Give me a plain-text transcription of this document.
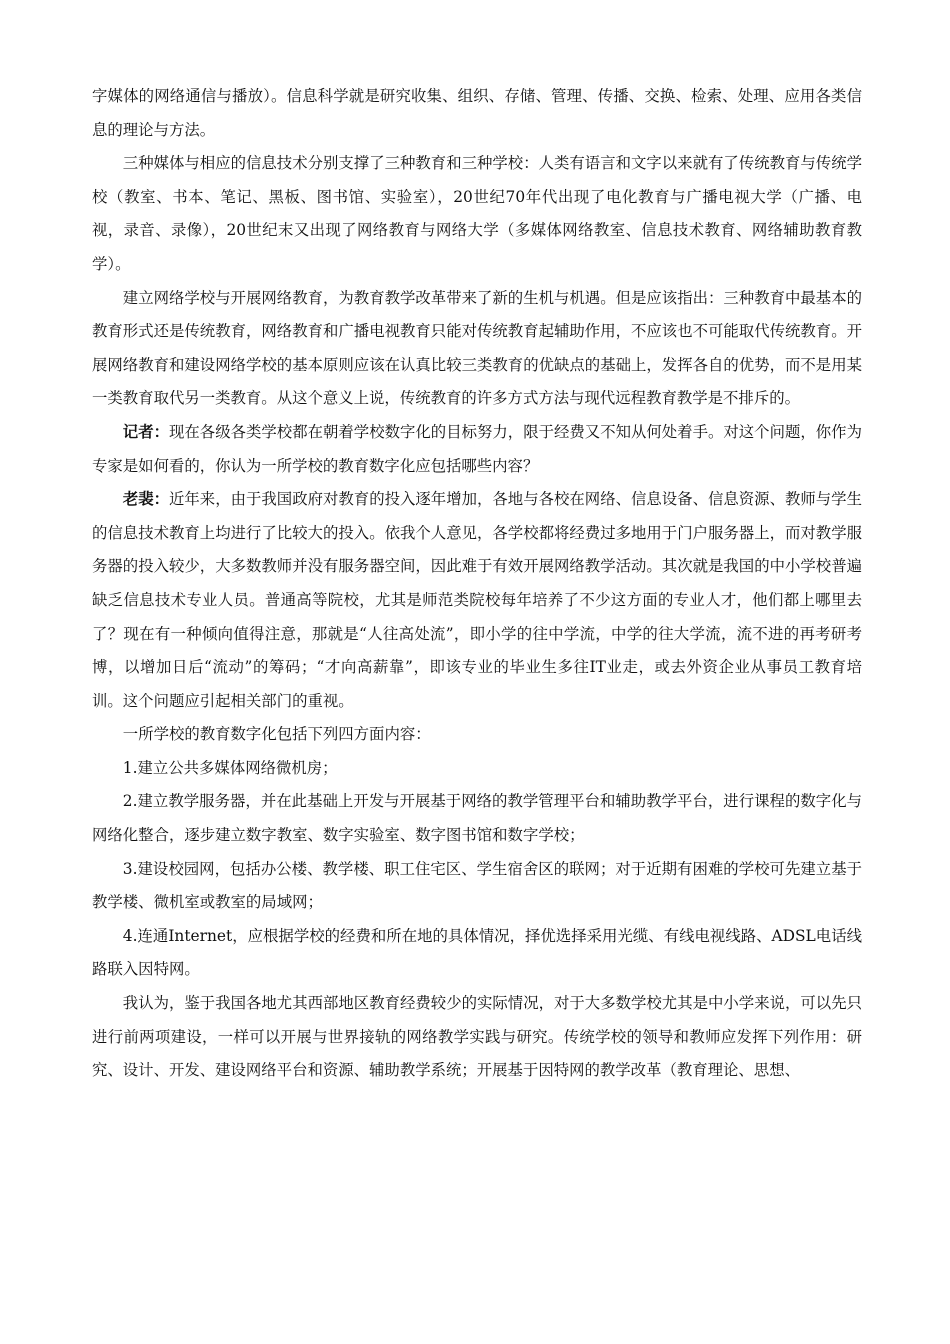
字媒体的网络通信与播放）。信息科学就是研究收集、组织、存储、管理、传播、交换、检索、处理、应用各类信息的理论与方法。

三种媒体与相应的信息技术分别支撑了三种教育和三种学校：人类有语言和文字以来就有了传统教育与传统学校（教室、书本、笔记、黑板、图书馆、实验室），20世纪70年代出现了电化教育与广播电视大学（广播、电视，录音、录像），20世纪末又出现了网络教育与网络大学（多媒体网络教室、信息技术教育、网络辅助教育教学）。

建立网络学校与开展网络教育，为教育教学改革带来了新的生机与机遇。但是应该指出：三种教育中最基本的教育形式还是传统教育，网络教育和广播电视教育只能对传统教育起辅助作用，不应该也不可能取代传统教育。开展网络教育和建设网络学校的基本原则应该在认真比较三类教育的优缺点的基础上，发挥各自的优势，而不是用某一类教育取代另一类教育。从这个意义上说，传统教育的许多方式方法与现代远程教育教学是不排斥的。

记者：现在各级各类学校都在朝着学校数字化的目标努力，限于经费又不知从何处着手。对这个问题，你作为专家是如何看的，你认为一所学校的教育数字化应包括哪些内容？

老裴：近年来，由于我国政府对教育的投入逐年增加，各地与各校在网络、信息设备、信息资源、教师与学生的信息技术教育上均进行了比较大的投入。依我个人意见，各学校都将经费过多地用于门户服务器上，而对教学服务器的投入较少，大多数教师并没有服务器空间，因此难于有效开展网络教学活动。其次就是我国的中小学校普遍缺乏信息技术专业人员。普通高等院校，尤其是师范类院校每年培养了不少这方面的专业人才，他们都上哪里去了？现在有一种倾向值得注意，那就是“人往高处流”，即小学的往中学流，中学的往大学流，流不进的再考研考博，以增加日后“流动”的筹码；“才向高薪靠”，即该专业的毕业生多往IT业走，或去外资企业从事员工教育培训。这个问题应引起相关部门的重视。

一所学校的教育数字化包括下列四方面内容：

1.建立公共多媒体网络微机房；

2.建立教学服务器，并在此基础上开发与开展基于网络的教学管理平台和辅助教学平台，进行课程的数字化与网络化整合，逐步建立数字教室、数字实验室、数字图书馆和数字学校；

3.建设校园网，包括办公楼、教学楼、职工住宅区、学生宿舍区的联网；对于近期有困难的学校可先建立基于教学楼、微机室或教室的局域网；

4.连通Internet，应根据学校的经费和所在地的具体情况，择优选择采用光缆、有线电视线路、ADSL电话线路联入因特网。

我认为，鉴于我国各地尤其西部地区教育经费较少的实际情况，对于大多数学校尤其是中小学来说，可以先只进行前两项建设，一样可以开展与世界接轨的网络教学实践与研究。传统学校的领导和教师应发挥下列作用：研究、设计、开发、建设网络平台和资源、辅助教学系统；开展基于因特网的教学改革（教育理论、思想、
